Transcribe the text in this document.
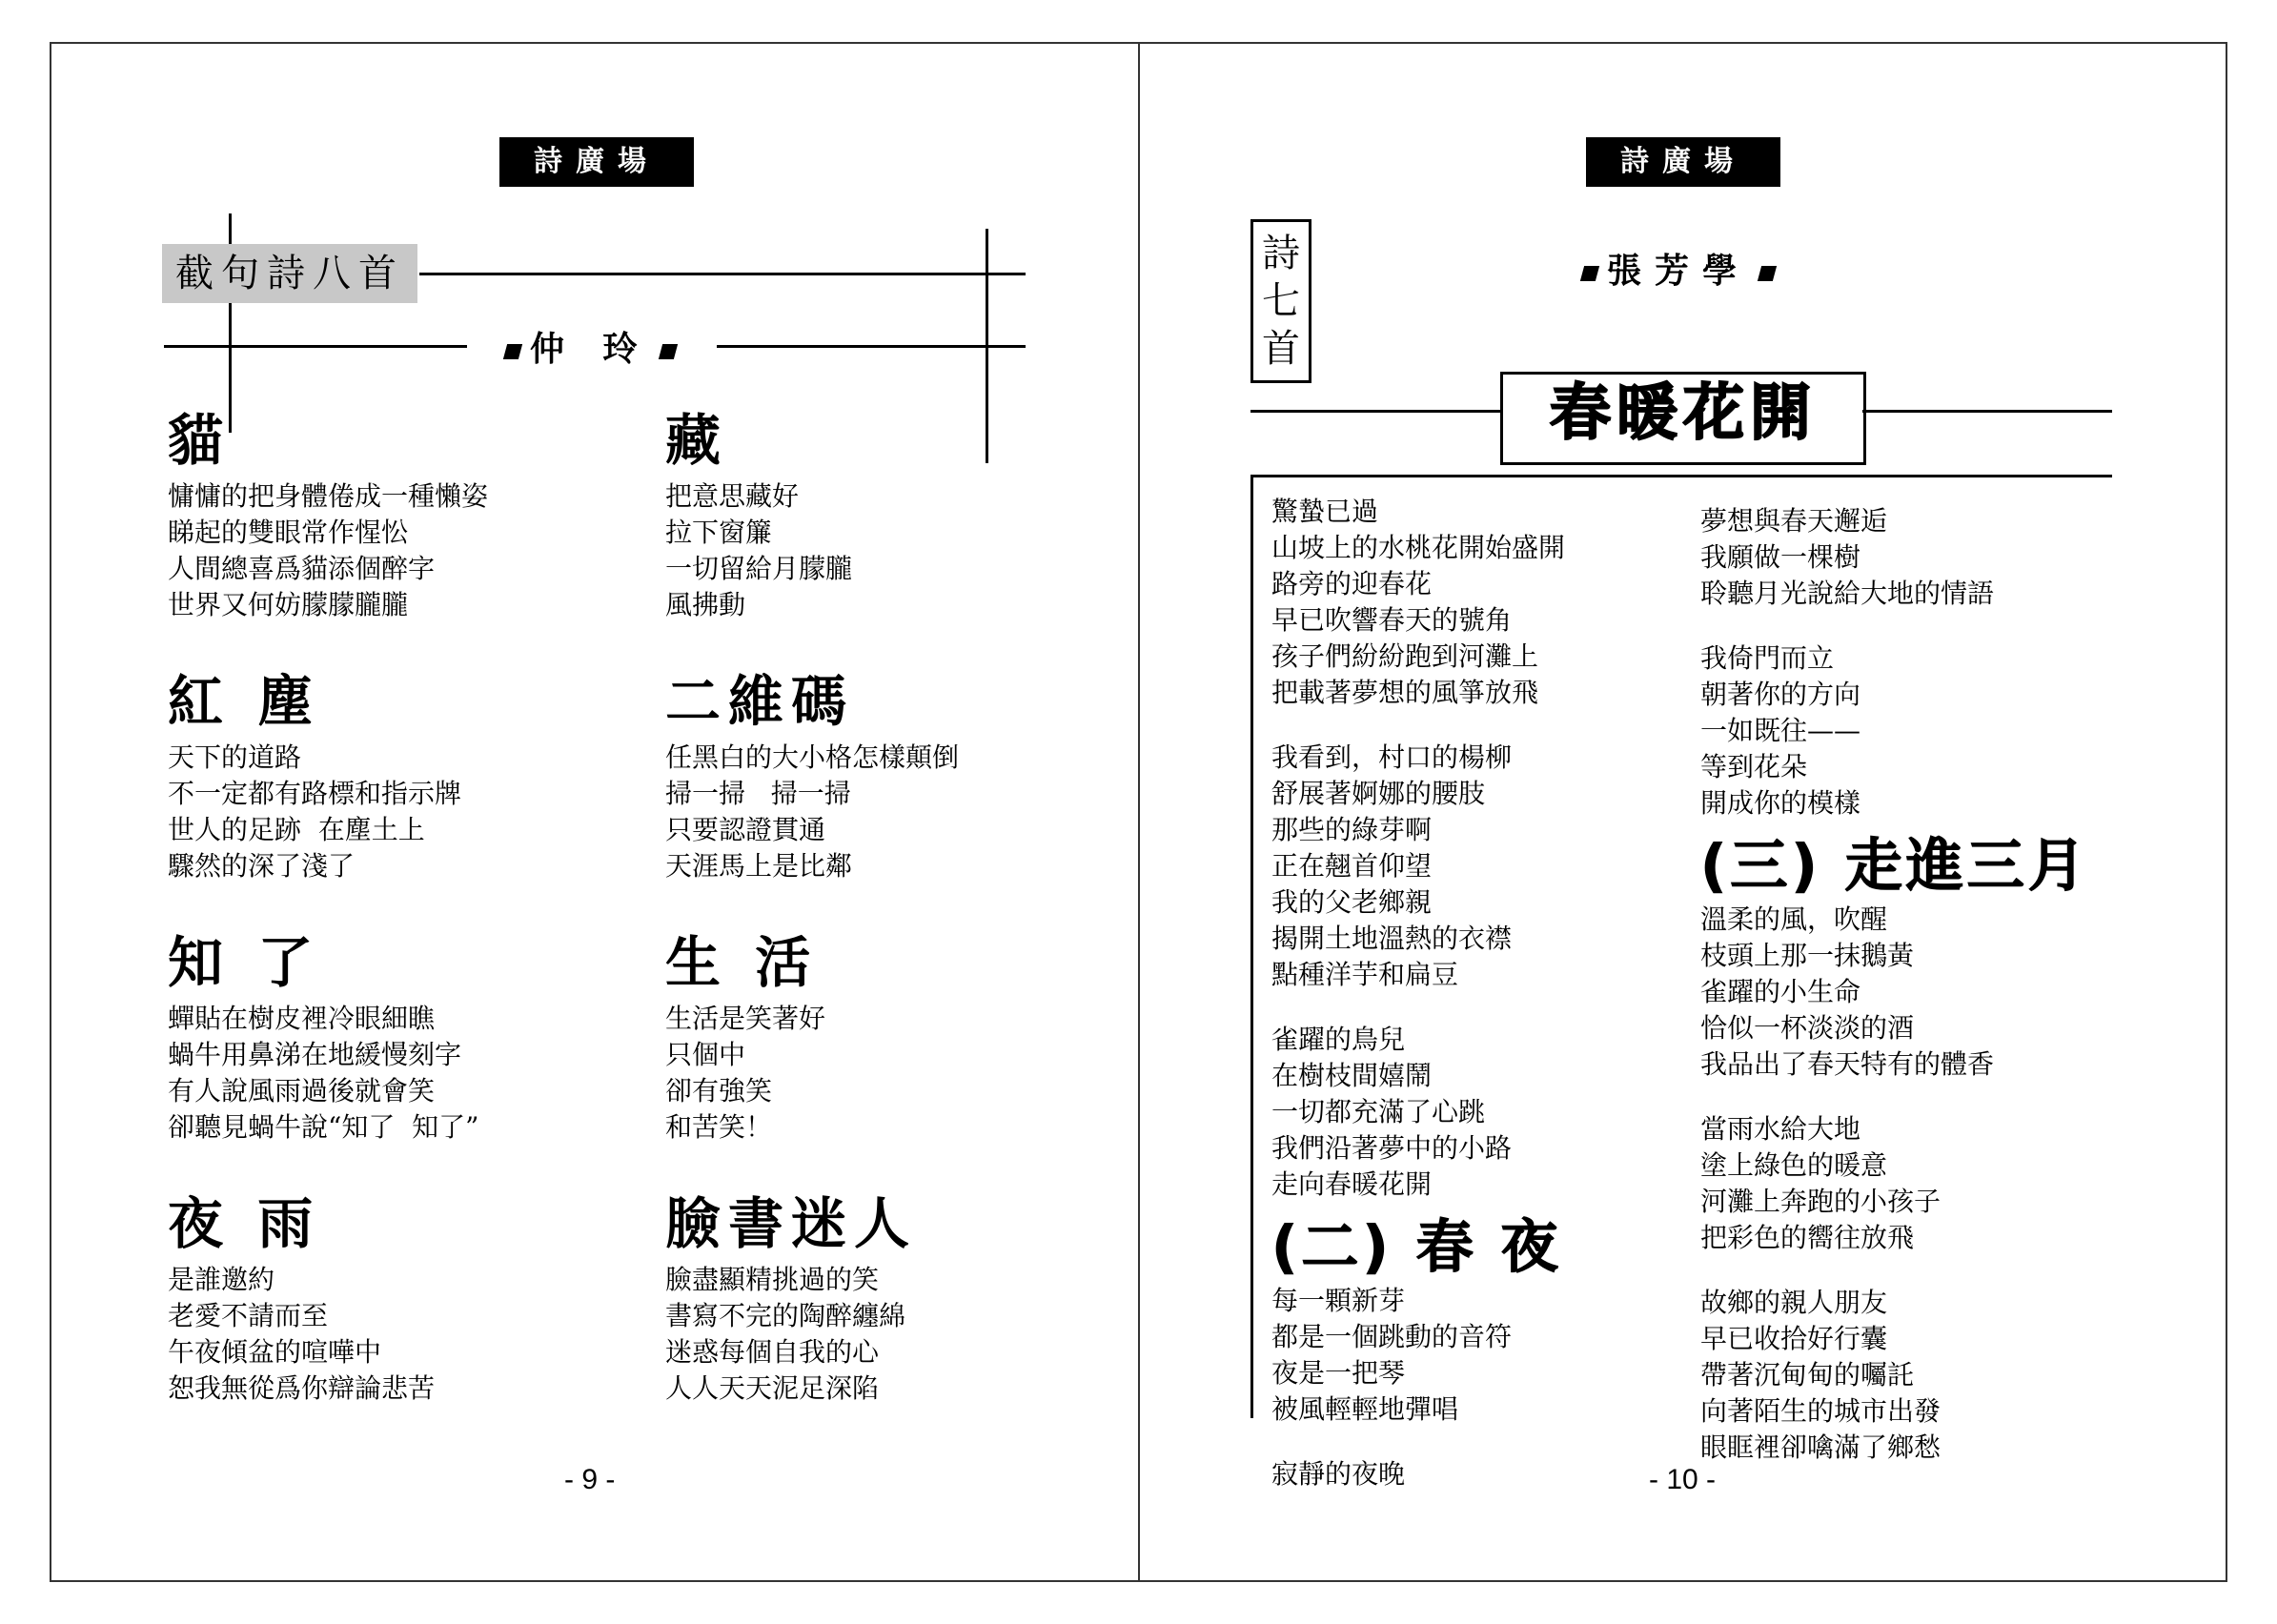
詩廣場
截句詩八首
仲 玲
貓
慵慵的把身體倦成一種懶姿
睇起的雙眼常作惺忪
人間總喜爲貓添個醉字
世界又何妨朦朦朧朧
藏
把意思藏好
拉下窗簾
一切留給月朦朧
風拂動
紅 塵
天下的道路
不一定都有路標和指示牌
世人的足跡  在塵土上
驟然的深了淺了
二維碼
任黑白的大小格怎樣顛倒
掃一掃   掃一掃
只要認證貫通
天涯馬上是比鄰
知 了
蟬貼在樹皮裡冷眼細瞧
蝸牛用鼻涕在地緩慢刻字
有人說風雨過後就會笑
卻聽見蝸牛說“知了  知了”
生 活
生活是笑著好
只個中
卻有強笑
和苦笑！
夜 雨
是誰邀約
老愛不請而至
午夜傾盆的喧嘩中
恕我無從爲你辯論悲苦
臉書迷人
臉盡顯精挑過的笑
書寫不完的陶醉纏綿
迷惑每個自我的心
人人天天泥足深陷
- 9 -
詩廣場
詩
七
首
張芳學
春暖花開
驚蟄已過
山坡上的水桃花開始盛開
路旁的迎春花
早已吹響春天的號角
孩子們紛紛跑到河灘上
把載著夢想的風箏放飛
我看到，村口的楊柳
舒展著婀娜的腰肢
那些的綠芽啊
正在翹首仰望
我的父老鄉親
揭開土地溫熱的衣襟
點種洋芋和扁豆
雀躍的鳥兒
在樹枝間嬉鬧
一切都充滿了心跳
我們沿著夢中的小路
走向春暖花開
(二) 春 夜
每一顆新芽
都是一個跳動的音符
夜是一把琴
被風輕輕地彈唱
寂靜的夜晚
夢想與春天邂逅
我願做一棵樹
聆聽月光說給大地的情語
我倚門而立
朝著你的方向
一如既往——
等到花朵
開成你的模樣
(三) 走進三月
溫柔的風，吹醒
枝頭上那一抹鵝黃
雀躍的小生命
恰似一杯淡淡的酒
我品出了春天特有的體香
當雨水給大地
塗上綠色的暖意
河灘上奔跑的小孩子
把彩色的嚮往放飛
故鄉的親人朋友
早已收拾好行囊
帶著沉甸甸的囑託
向著陌生的城市出發
眼眶裡卻噙滿了鄉愁
- 10 -
